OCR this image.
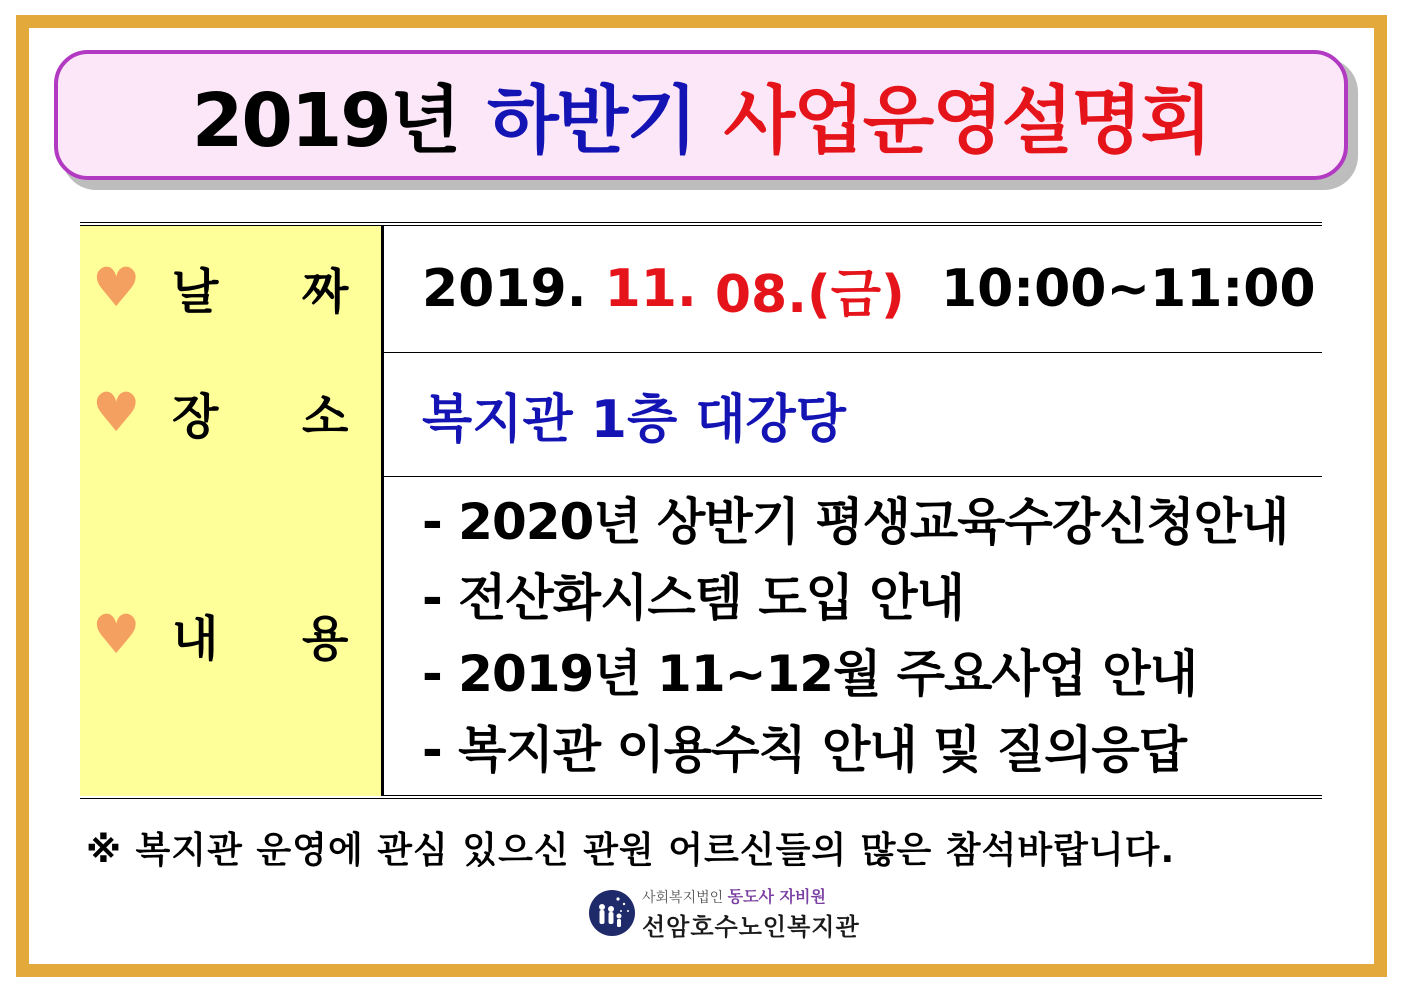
2019년 하반기 사업운영설명회
♥ 날 짜 2019.
11.
08.(금)
10:00~11:00
♥ 장 소 복지관 1층 대강당
♥ 내 용
- 2020년 상반기 평생교육수강신청안내
- 전산화시스템 도입 안내
- 2019년 11~12월 주요사업 안내
- 복지관 이용수칙 안내 및 질의응답
※ 복지관 운영에 관심 있으신 관원 어르신들의 많은 참석바랍니다.
사회복지법인 동도사 자비원
선암호수노인복지관
